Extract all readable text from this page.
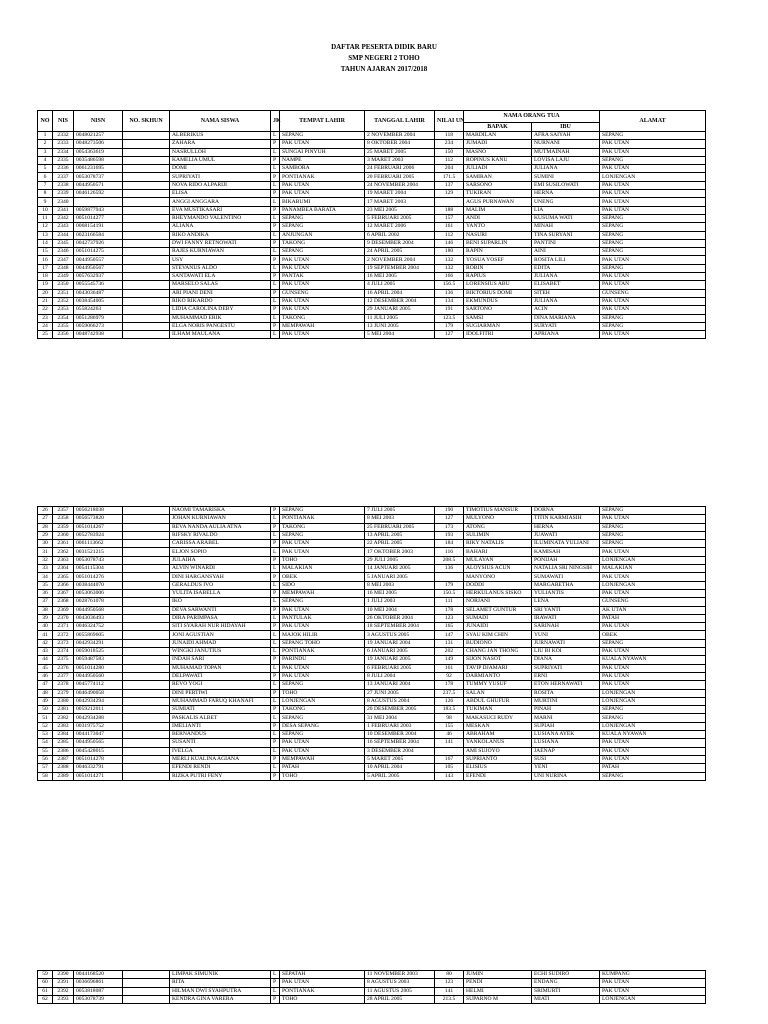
DAFTAR PESERTA DIDIK BARU
SMP NEGERI 2 TOHO
TAHUN AJARAN 2017/2018
NO	NIS	NISN	NO. SKHUN	NAMA SISWA	JK	TEMPAT LAHIR	TANGGAL LAHIR	NILAI UN	NAMA ORANG TUA		ALAMAT
									BAPAK	IBU	
1	2332	0048021257		ALBERIKUS	L	SEPANG	2 NOVEMBER 2004	118	MARDILAN	AFRA SAIYAH	SEPANG
2	2333	0048273506		ZAHARA	P	PAK UTAN	8 OKTOBER 2004	234	JUMADI	NURNANI	PAK UTAN
3	2334	0054363619		NASRULLOH	L	SUNGAI PINYUH	25 MARET 2005	150	MASNO	MUTMAINAH	PAK UTAN
4	2335	0035486598		KAMELIA UMUL	P	NAMPE	3 MARET 2003	112	ROPINUS KANU	LOVISA LAJU	SEPANG
5	2336	0061231695		DOMI	L	SAMBORA	24 FEBRUARI 2006	204	JULIADI	JULIANA	PAK UTAN
6	2337	0053078737		SUPRIYATI	P	PONTIANAK	20 FEBRUARI 2005	171.5	SAMIRAN	SUMINI	LONJENGAN
7	2338	0044950571		NOVA RIDO ALPARIJI	L	PAK UTAN	24 NOVEMBER 2004	137	SARSONO	EMI SUSILOWATI	PAK UTAN
8	2339	0046126592		ELISA	P	PAK UTAN	19 MARET 2004	129	TUKIRAN	HERNA	PAK UTAN
9	2340			ANGGI ANGGARA	L	BIKABUMI	17 MARET 2003		AGUS PURNAWAN	UNENG	PAK UTAN
10	2341	0059877943		EVA MUSTIKASARI	P	PANAMBEA BARATA	23 MEI 2005	188	MALIM	LIA	PAK UTAN
11	2342	0051014277		RHEYMANDO VALENTINO	L	SEPANG	5 FEBRUARI 2005	157	ANDI	KUSUMA WATI	SEPANG
12	2343	0068154191		ALIANA	P	SEPANG	12 MARET 2006	161	YANTO	MINAH	SEPANG
13	2344	0023166584		RIKO ANDIKA	L	ANJUNGAN	6 APRIL 2002	112	NASURI	TINA SURYANI	SEPANG
14	2345	0042737926		DWI FANNY RETNOWATI	P	TAKONG	9 DESEMBER 2004	146	BENI SUPARLIN	PANTINI	SEPANG
15	2346	0051014275		RAJES KURNIAWAN	L	SEPANG	24 APRIL 2005	180	RAPIN	AINI	SEPANG
16	2347	0044950557		USY	P	PAK UTAN	2 NOVEMBER 2004	132	YOSUA YOSEF	ROSITA LILI	PAK UTAN
17	2348	0044950567		STEVANUS ALDO	L	PAK UTAN	19 SEPTEMBER 2004	132	ROBIN	EDITA	SEPANG
18	2349	0057632937		SANTAWATI ELA	P	PANTAK	16 MEI 2005	166	RAPIUS	JULIANA	PAK UTAN
19	2350	0055545736		MARSELO SALAS	L	PAK UTAN	4 JULI 2005	156.5	LORENSIUS ABU	ELISABET	PAK UTAN
20	2351	0043036487		ARI PIANI DENI	P	GUNSENG	16 APRIL 2004	136	BIKTORIUS DOMI	SITEH	GUNSENG
21	2352	0038454005		RIKO RIKARDO	L	PAK UTAN	12 DESEMBER 2004	134	EKMUNDUS	JULIANA	PAK UTAN
22	2353	055824263		LIDIA CAROLINA DEBY	P	PAK UTAN	29 JANUARI 2005	191	SARTONO	ACIN	PAK UTAN
23	2354	0051286979		MUHAMMAD ERIK	L	TAKONG	11 JULI 2005	123.5	SAMSI	DINA MARIANA	SEPANG
24	2355	0059066273		ELGA NORIS PANGESTU	P	MEMPAWAH	13 JUNI 2005	179	SUGIARMAN	SURYATI	SEPANG
25	2356	0048742938		ILHAM MAULANA	L	PAK UTAN	5 MEI 2004	127	IDOLFITRI	APRIANA	PAK UTAN
26	2357	0056218038		NAOMI TAMARISKA	P	SEPANG	7 JULI 2005	190	TIMOTIUS MANSUR	DORNA	SEPANG
27	2358	0056573820		JOHAN KURNIAWAN	L	PONTIANAK	8 MEI 2003	127	MULYONO	TITIN KARMIASIH	PAK UTAN
28	2359	0051014267		REVA NANDA AULIA ATNA	P	TAKONG	25 FEBRUARI 2005	173	ATONG	HERNA	SEPANG
29	2360	0052783924		RIFSKY RIVALDO	L	SEPANG	13 APRIL 2005	193	SULIMIN	JUAWATI	SEPANG
30	2361	0061113662		CARISSA ARABEL	P	PAK UTAN	22 APRIL 2005	184	RIKY NATALIS	ILUMINATA YULIANI	SEPANG
31	2362	0031521215		ELJON SOPIO	L	PAK UTAN	17 OKTOBER 2003	116	BAHARI	KAMISAH	PAK UTAN
32	2363	0053078743		JULAIHA	P	TOHO	29 JULI 2005	208.5	MULAYAN	PONIJAH	LONJENGAN
33	2364	0054115304		ALVIN WINARDI	L	MALAKIAN	14 JANUARI 2005	136	ALOYSIUS ACUN	NATALIA SRI NINGSIH	MALAKIAN
34	2365	0051014276		DINI HARGANSYAH	P	OBEK	5 JANUARI 2005		MANYONO	SUMAWATI	PAK UTAN
35	2366	0038444070		GERALDUS IVO	L	SIDO	8 MEI 2003	179	DODDI	MARGARETHA	LONJENGAN
36	2367	0053063006		YULITA ISABELLA	P	MEMPAWAH	16 MEI 2005	150.5	HERKULANUS SISKO	YULIANTIS	PAK UTAN
37	2368	0028761078		IKO	L	SEPANG	1 JULI 2003	111	NORJANI	LENA	GUNSENG
38	2369	0044950568		DEVA SARWANTI	P	PAK UTAN	10 MEI 2004	178	SELAMET GUNTUR	SRI YANTI	AK UTAN
39	2370	0043036493		DIRA PARIMPASA	L	PANTULAK	26 OKTOBER 2004	123	SUMADI	IRAWATI	PATAH
40	2371	0046324752		SITI SYARAH NUR HIDAYAH	P	PAK UTAN	18 SEPTEMBER 2004	165	JUNAIDI	SARINAH	PAK UTAN
41	2372	0055869605		JONI AGUSTIAN	L	MAJOK HILIR	3 AGUSTUS 2005	147	SYAU KIM CHIN	YUNI	OBEK
42	2373	0042934291		JUNAIDI AHMAD	L	SEPANG TOHO	19 JANUARI 2004	131	BUDIONO	JURNAWATI	SEPANG
43	2374	0059018525		WINGKI JANUTIUS	L	PONTIANAK	6 JANUARI 2005	202	CHANG JAN THONG	LIU BI KOI	PAK UTAN
44	2375	0059487583		INDAH SARI	P	PARINDU	19 JANUARI 2005	149	SIJON NASOT	DIANA	KUALA NYAWAN
45	2376	0051014280		MUHAMAD TOPAN	L	PAK UTAN	6 FEBRUARI 2005	161	TAVIP DJAMARI	SUPRIYATI	PAK UTAN
46	2377	0044950560		DELPAWATI	P	PAK UTAN	8 JULI 2004	92	DARMIANTO	ERNI	PAK UTAN
47	2378	0045774112		REVO YOGI	L	SEPANG	13 JANUARI 2004	178	TUMMY YUSUF	ETON HERNAWATI	PAK UTAN
48	2379	0046490058		DINI PERTIWI	P	TOHO	27 JUNI 2005	237.5	SALAN	ROSITA	LONJENGAN
49	2380	0042934294		MUHAMMAD FARUQ KHANAFI	L	LONJENGAN	8 AGUSTUS 2004	126	ABDUL GHUFUR	MURTINI	LONJENGAN
50	2381	0059212011		SUMIATI	P	TAKONG	20 DESEMBER 2005	183.5	TUKIMAN	PINAH	SEPANG
51	2382	0042934288		PASKALIS ALBET	L	SEPANG	31 MEI 2004	98	MAKASUCI RUDY	MARNI	SEPANG
52	2383	0031975752		IMELIANTI	P	DESA SEPANG	1 FEBRUARI 2003	155	MESKAN	SUPIAH	LONJENGAN
53	2384	0044173047		BERNANDUS	L	SEPANG	10 DESEMBER 2004	46	ABRAHAM	LUSIANA AYEK	KUALA NYAWAN
54	2385	0044950565		SUSANTI	P	PAK UTAN	16 SEPTEMBER 2004	141	YANKOLANUS	LUSIANA	PAK UTAN
55	2386	0045428015		IVELGA	L	PAK UTAN	3 DESEMBER 2004		AMI SUJOYO	JAENAP	PAK UTAN
56	2387	0051014278		MERLI KUALINA AGIANA	P	MEMPAWAH	5 MARET 2005	167	SUPRIANTO	SUSI	PAK UTAN
57	2388	0046332791		EFENDI RENDI	L	PATAH	10 APRIL 2004	105	ELISIUS	YENI	PATAH
58	2389	0051014271		RIZKA PUTRI FENY	P	TOHO	5 APRIL 2005	143	EFENDI	UNI NURINA	SEPANG
59	2390	0044168520		LIMPAK SIMUNIK	L	SEPATAH	11 NOVEMBER 2003	80	JUMIN	ECHI SUDIRO	KUMPANG
60	2391	0036696861		RITA	P	PAK UTAN	8 AGUSTUS 2003	123	PENDI	ENDANG	PAK UTAN
61	2392	0053818087		HILMAN DWI SYAHPUTRA	L	PONTIANAK	11 AGUSTUS 2005	141	HELMI	SRIMURTI	PAK UTAN
62	2393	0053078739		KENDRA GINA VARERA	P	TOHO	28 APRIL 2005	213.5	SUPARNO M	MIATI	LONJENGAN
